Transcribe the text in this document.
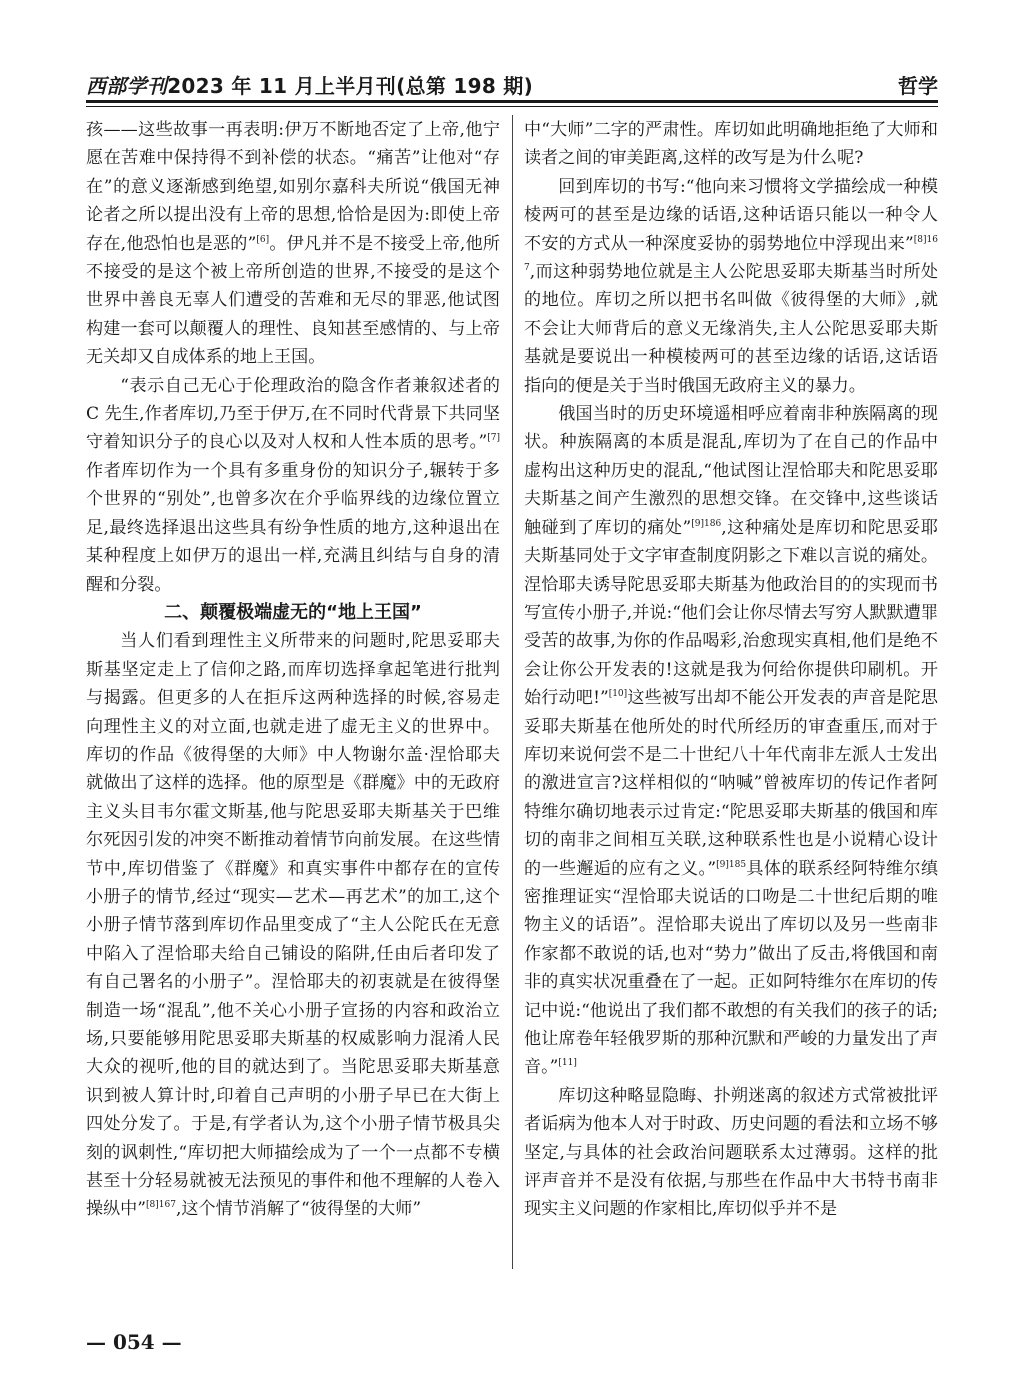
西部学刊2023 年 11 月上半月刊(总第 198 期)	哲学

孩——这些故事一再表明:伊万不断地否定了上帝,他宁愿在苦难中保持得不到补偿的状态。“痛苦”让他对“存在”的意义逐渐感到绝望,如别尔嘉科夫所说“俄国无神论者之所以提出没有上帝的思想,恰恰是因为:即使上帝存在,他恐怕也是恶的”[6]。伊凡并不是不接受上帝,他所不接受的是这个被上帝所创造的世界,不接受的是这个世界中善良无辜人们遭受的苦难和无尽的罪恶,他试图构建一套可以颠覆人的理性、良知甚至感情的、与上帝无关却又自成体系的地上王国。

“表示自己无心于伦理政治的隐含作者兼叙述者的 C 先生,作者库切,乃至于伊万,在不同时代背景下共同坚守着知识分子的良心以及对人权和人性本质的思考。”[7]作者库切作为一个具有多重身份的知识分子,辗转于多个世界的“别处”,也曾多次在介乎临界线的边缘位置立足,最终选择退出这些具有纷争性质的地方,这种退出在某种程度上如伊万的退出一样,充满且纠结与自身的清醒和分裂。

二、颠覆极端虚无的“地上王国”

当人们看到理性主义所带来的问题时,陀思妥耶夫斯基坚定走上了信仰之路,而库切选择拿起笔进行批判与揭露。但更多的人在拒斥这两种选择的时候,容易走向理性主义的对立面,也就走进了虚无主义的世界中。库切的作品《彼得堡的大师》中人物谢尔盖·涅恰耶夫就做出了这样的选择。他的原型是《群魔》中的无政府主义头目韦尔霍文斯基,他与陀思妥耶夫斯基关于巴维尔死因引发的冲突不断推动着情节向前发展。在这些情节中,库切借鉴了《群魔》和真实事件中都存在的宣传小册子的情节,经过“现实—艺术—再艺术”的加工,这个小册子情节落到库切作品里变成了“主人公陀氏在无意中陷入了涅恰耶夫给自己铺设的陷阱,任由后者印发了有自己署名的小册子”。涅恰耶夫的初衷就是在彼得堡制造一场“混乱”,他不关心小册子宣扬的内容和政治立场,只要能够用陀思妥耶夫斯基的权威影响力混淆人民大众的视听,他的目的就达到了。当陀思妥耶夫斯基意识到被人算计时,印着自己声明的小册子早已在大街上四处分发了。于是,有学者认为,这个小册子情节极具尖刻的讽刺性,“库切把大师描绘成为了一个一点都不专横甚至十分轻易就被无法预见的事件和他不理解的人卷入操纵中”$^{[8]167}$,这个情节消解了“彼得堡的大师”

中“大师”二字的严肃性。库切如此明确地拒绝了大师和读者之间的审美距离,这样的改写是为什么呢?

回到库切的书写:“他向来习惯将文学描绘成一种模棱两可的甚至是边缘的话语,这种话语只能以一种令人不安的方式从一种深度妥协的弱势地位中浮现出来”$^{[8]167}$,而这种弱势地位就是主人公陀思妥耶夫斯基当时所处的地位。库切之所以把书名叫做《彼得堡的大师》,就不会让大师背后的意义无缘消失,主人公陀思妥耶夫斯基就是要说出一种模棱两可的甚至边缘的话语,这话语指向的便是关于当时俄国无政府主义的暴力。

俄国当时的历史环境遥相呼应着南非种族隔离的现状。种族隔离的本质是混乱,库切为了在自己的作品中虚构出这种历史的混乱,“他试图让涅恰耶夫和陀思妥耶夫斯基之间产生激烈的思想交锋。在交锋中,这些谈话触碰到了库切的痛处”$^{[9]186}$,这种痛处是库切和陀思妥耶夫斯基同处于文字审查制度阴影之下难以言说的痛处。涅恰耶夫诱导陀思妥耶夫斯基为他政治目的的实现而书写宣传小册子,并说:“他们会让你尽情去写穷人默默遭罪受苦的故事,为你的作品喝彩,治愈现实真相,他们是绝不会让你公开发表的!这就是我为何给你提供印刷机。开始行动吧!”[10]这些被写出却不能公开发表的声音是陀思妥耶夫斯基在他所处的时代所经历的审查重压,而对于库切来说何尝不是二十世纪八十年代南非左派人士发出的激进宣言?这样相似的“呐喊”曾被库切的传记作者阿特维尔确切地表示过肯定:“陀思妥耶夫斯基的俄国和库切的南非之间相互关联,这种联系性也是小说精心设计的一些邂逅的应有之义。”$^{[9]185}$具体的联系经阿特维尔缜密推理证实“涅恰耶夫说话的口吻是二十世纪后期的唯物主义的话语”。涅恰耶夫说出了库切以及另一些南非作家都不敢说的话,也对“势力”做出了反击,将俄国和南非的真实状况重叠在了一起。正如阿特维尔在库切的传记中说:“他说出了我们都不敢想的有关我们的孩子的话;他让席卷年轻俄罗斯的那种沉默和严峻的力量发出了声音。”[11]

库切这种略显隐晦、扑朔迷离的叙述方式常被批评者诟病为他本人对于时政、历史问题的看法和立场不够坚定,与具体的社会政治问题联系太过薄弱。这样的批评声音并不是没有依据,与那些在作品中大书特书南非现实主义问题的作家相比,库切似乎并不是

— 054 —
